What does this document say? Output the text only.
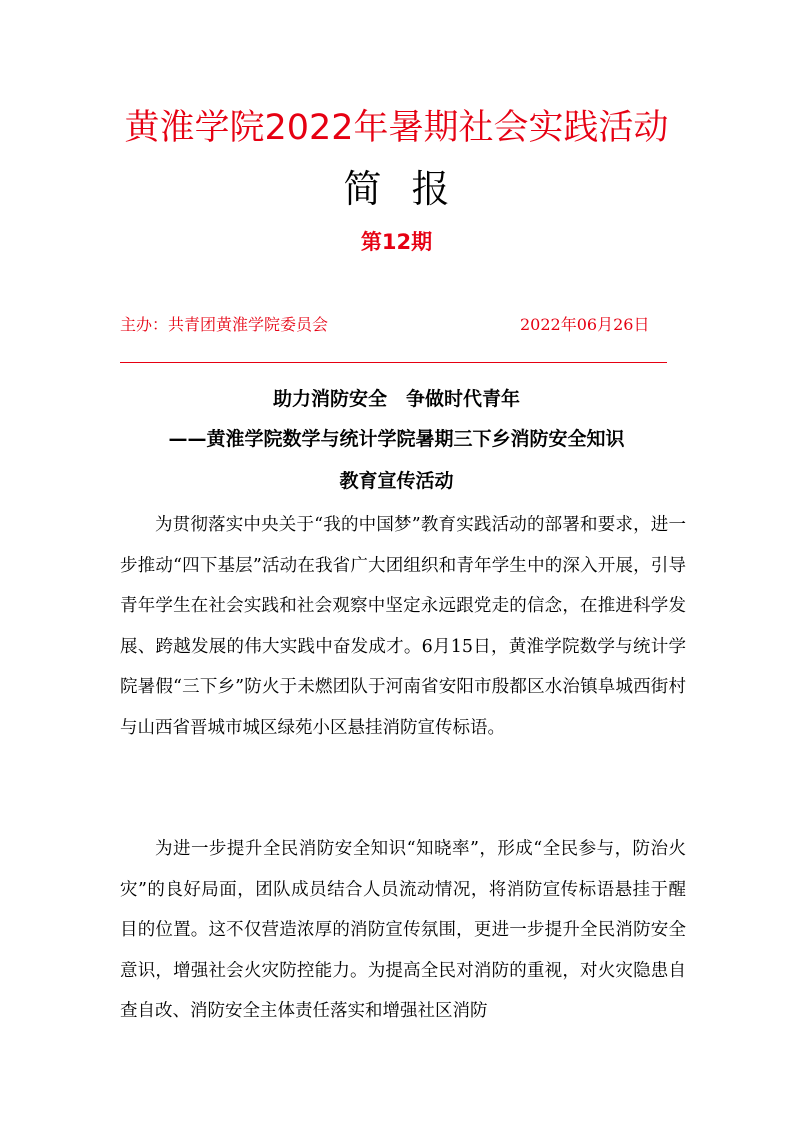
黄淮学院2022年暑期社会实践活动
简报
第12期
主办：共青团黄淮学院委员会	2022年06月26日
助力消防安全　争做时代青年
——黄淮学院数学与统计学院暑期三下乡消防安全知识
教育宣传活动

为贯彻落实中央关于“我的中国梦”教育实践活动的部署和要求，进一步推动“四下基层”活动在我省广大团组织和青年学生中的深入开展，引导青年学生在社会实践和社会观察中坚定永远跟党走的信念，在推进科学发展、跨越发展的伟大实践中奋发成才。6月15日，黄淮学院数学与统计学院暑假“三下乡”防火于未燃团队于河南省安阳市殷都区水治镇阜城西街村与山西省晋城市城区绿苑小区悬挂消防宣传标语。

为进一步提升全民消防安全知识“知晓率”，形成“全民参与，防治火灾”的良好局面，团队成员结合人员流动情况，将消防宣传标语悬挂于醒目的位置。这不仅营造浓厚的消防宣传氛围，更进一步提升全民消防安全意识，增强社会火灾防控能力。为提高全民对消防的重视，对火灾隐患自查自改、消防安全主体责任落实和增强社区消防
